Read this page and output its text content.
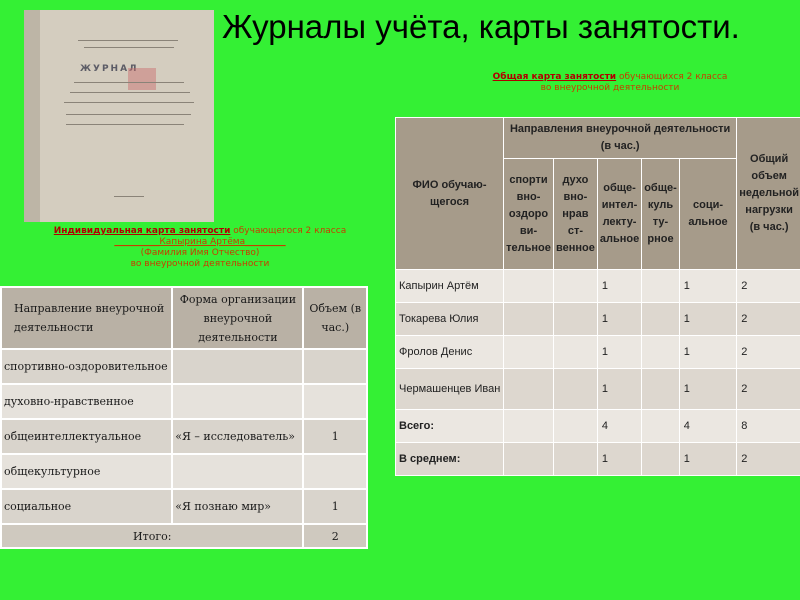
ЖУРНАЛ
Журналы учёта, карты занятости.
Индивидуальная карта занятости обучающегося 2 класса
__________Капырина Артёма_________
(Фамилия Имя Отчество)
во внеурочной деятельности
Общая карта занятости обучающихся 2 класса
во внеурочной деятельности
Направление внеурочной деятельности	Форма организации внеурочной деятельности	Объем (в час.)
спортивно-оздоровительное		
духовно-нравственное		
общеинтеллектуальное	«Я – исследователь»	1
общекультурное		
социальное	«Я познаю мир»	1
Итого:		2
ФИО обучаю-щегося	Направления внеурочной деятельности (в час.)					Общий объем недельной нагрузки (в час.)
	спорти вно-оздоро ви-тельное	духо вно-нрав ст-венное	обще-интел-лекту-альное	обще-куль ту-рное	соци-альное	
Капырин Артём			1		1	2
Токарева Юлия			1		1	2
Фролов Денис			1		1	2
Чермашенцев Иван			1		1	2
Всего:			4		4	8
В среднем:			1		1	2
